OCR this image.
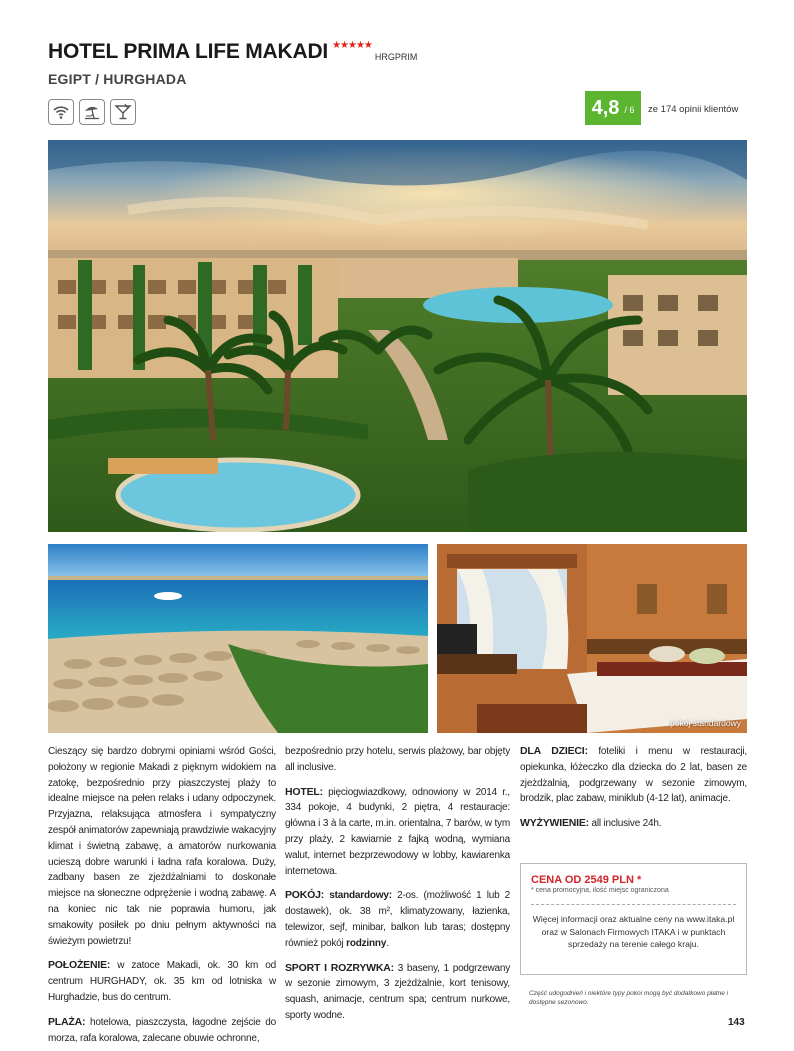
HOTEL PRIMA LIFE MAKADI ★★★★★
HRGPRIM
EGIPT / HURGHADA
4,8 / 6 ze 174 opinii klientów
pokój standardowy

Cieszący się bardzo dobrymi opiniami wśród Gości, położony w regionie Makadi z pięknym widokiem na zatokę, bezpośrednio przy piaszczystej plaży to idealne miejsce na pełen relaks i udany odpoczynek. Przyjazna, relaksująca atmosfera i sympatyczny zespół animatorów zapewniają prawdziwie wakacyjny klimat i świetną zabawę, a amatorów nurkowania ucieszą dobre warunki i ładna rafa koralowa. Duży, zadbany basen ze zjeżdżalniami to doskonałe miejsce na słoneczne odprężenie i wodną zabawę. A na koniec nic tak nie poprawia humoru, jak smakowity posiłek po dniu pełnym aktywności na świeżym powietrzu!

POŁOŻENIE: w zatoce Makadi, ok. 30 km od centrum HURGHADY, ok. 35 km od lotniska w Hurghadzie, bus do centrum.

PLAŻA: hotelowa, piaszczysta, łagodne zejście do morza, rafa koralowa, zalecane obuwie ochronne,

bezpośrednio przy hotelu, serwis plażowy, bar objęty all inclusive.

HOTEL: pięciogwiazdkowy, odnowiony w 2014 r., 334 pokoje, 4 budynki, 2 piętra, 4 restauracje: główna i 3 à la carte, m.in. orientalna, 7 barów, w tym przy plaży, 2 kawiarnie z fajką wodną, wymiana walut, internet bezprzewodowy w lobby, kawiarenka internetowa.

POKÓJ: standardowy: 2-os. (możliwość 1 lub 2 dostawek), ok. 38 m², klimatyzowany, łazienka, telewizor, sejf, minibar, balkon lub taras; dostępny również pokój rodzinny.

SPORT I ROZRYWKA: 3 baseny, 1 podgrzewany w sezonie zimowym, 3 zjeżdżalnie, kort tenisowy, squash, animacje, centrum spa; centrum nurkowe, sporty wodne.

DLA DZIECI: foteliki i menu w restauracji, opiekunka, łóżeczko dla dziecka do 2 lat, basen ze zjeżdżalnią, podgrzewany w sezonie zimowym, brodzik, plac zabaw, miniklub (4-12 lat), animacje.

WYŻYWIENIE: all inclusive 24h.

CENA OD 2549 PLN *
* cena promocyjna, ilość miejsc ograniczona
Więcej informacji oraz aktualne ceny na www.itaka.pl oraz w Salonach Firmowych ITAKA i w punktach sprzedaży na terenie całego kraju.
Część udogodnień i niektóre typy pokoi mogą być dodatkowo płatne i dostępne sezonowo.
143
